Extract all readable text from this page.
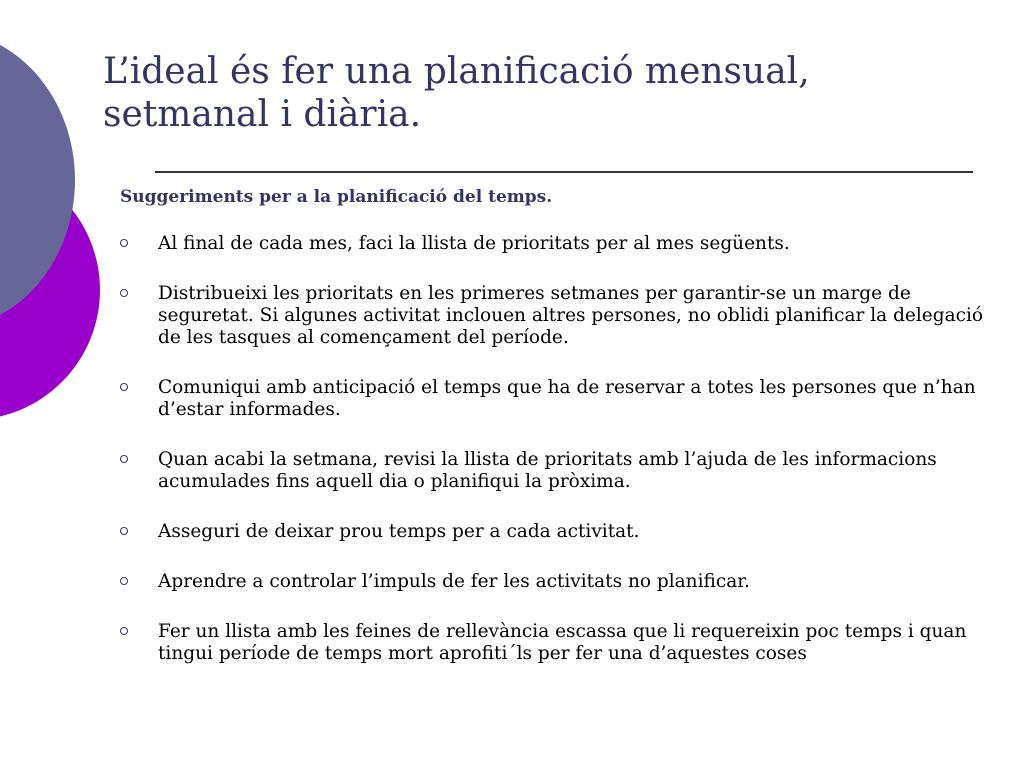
L’ideal és fer una planificació mensual, setmanal i diària.

Suggeriments per a la planificació del temps.

Al final de cada mes, faci la llista de prioritats per al mes següents.
Distribueixi les prioritats en les primeres setmanes per garantir-se un marge de seguretat. Si algunes activitat inclouen altres persones, no oblidi planificar la delegació de les tasques al començament del període.
Comuniqui amb anticipació el temps que ha de reservar a totes les persones que n’han d’estar informades.
Quan acabi la setmana, revisi la llista de prioritats amb l’ajuda de les informacions acumulades fins aquell dia o planifiqui la pròxima.
Asseguri de deixar prou temps per a cada activitat.
Aprendre a controlar l’impuls de fer les activitats no planificar.
Fer un llista amb les feines de rellevància escassa que li requereixin poc temps i quan tingui període de temps mort aprofiti´ls per fer una d’aquestes coses
